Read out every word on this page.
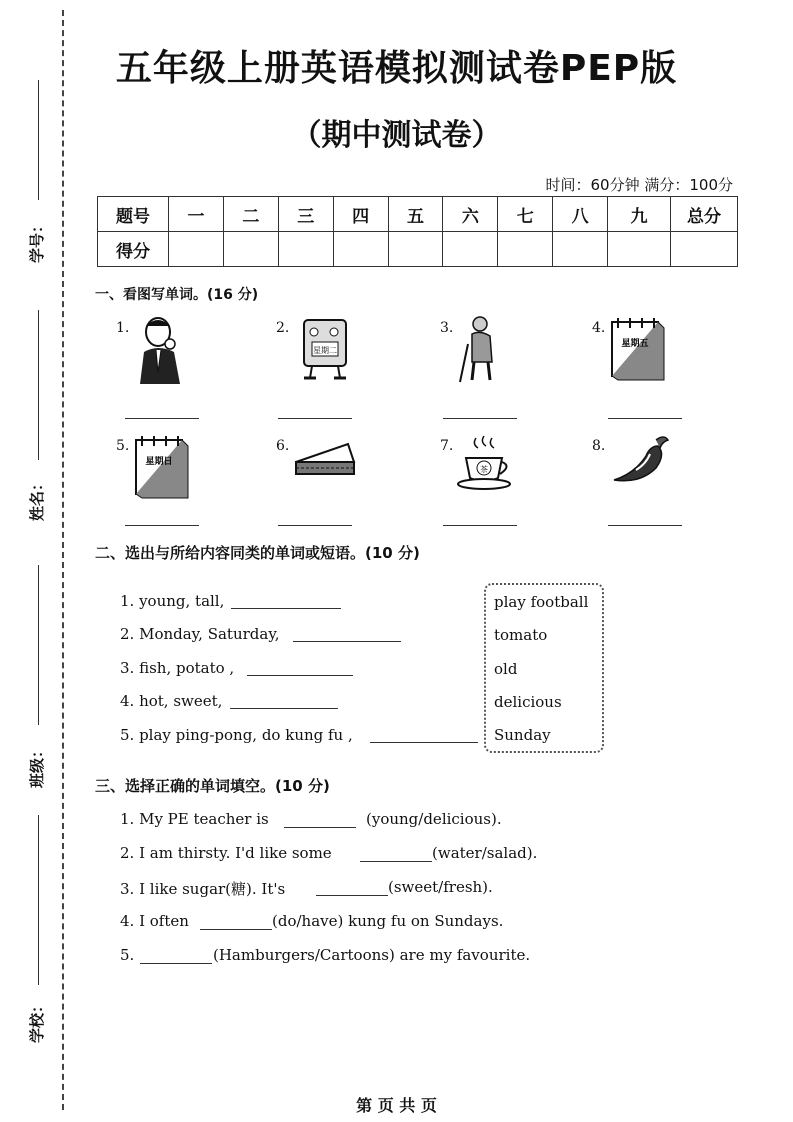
学号：
姓名：
班级：
学校：
五年级上册英语模拟测试卷PEP版
（期中测试卷）
时间：60分钟 满分：100分
题号	一	二	三	四	五	六	七	八	九	总分
得分										
一、看图写单词。(16 分)
1.	2.
星期二
3.	4.
星期五
5.
星期日
6.	7.
茶
8.
二、选出与所给内容同类的单词或短语。(10 分)
1. young, tall,
2. Monday, Saturday,
3. fish, potato ,
4. hot, sweet,
5. play ping-pong, do kung fu ,
play football
tomato
old
delicious
Sunday
三、选择正确的单词填空。(10 分)
1. My PE teacher is	(young/delicious).
2. I am thirsty. I'd like some	(water/salad).
3. I like sugar(糖). It's	(sweet/fresh).
4. I often	(do/have) kung fu on Sundays.
5.	(Hamburgers/Cartoons) are my favourite.
第 页 共 页
